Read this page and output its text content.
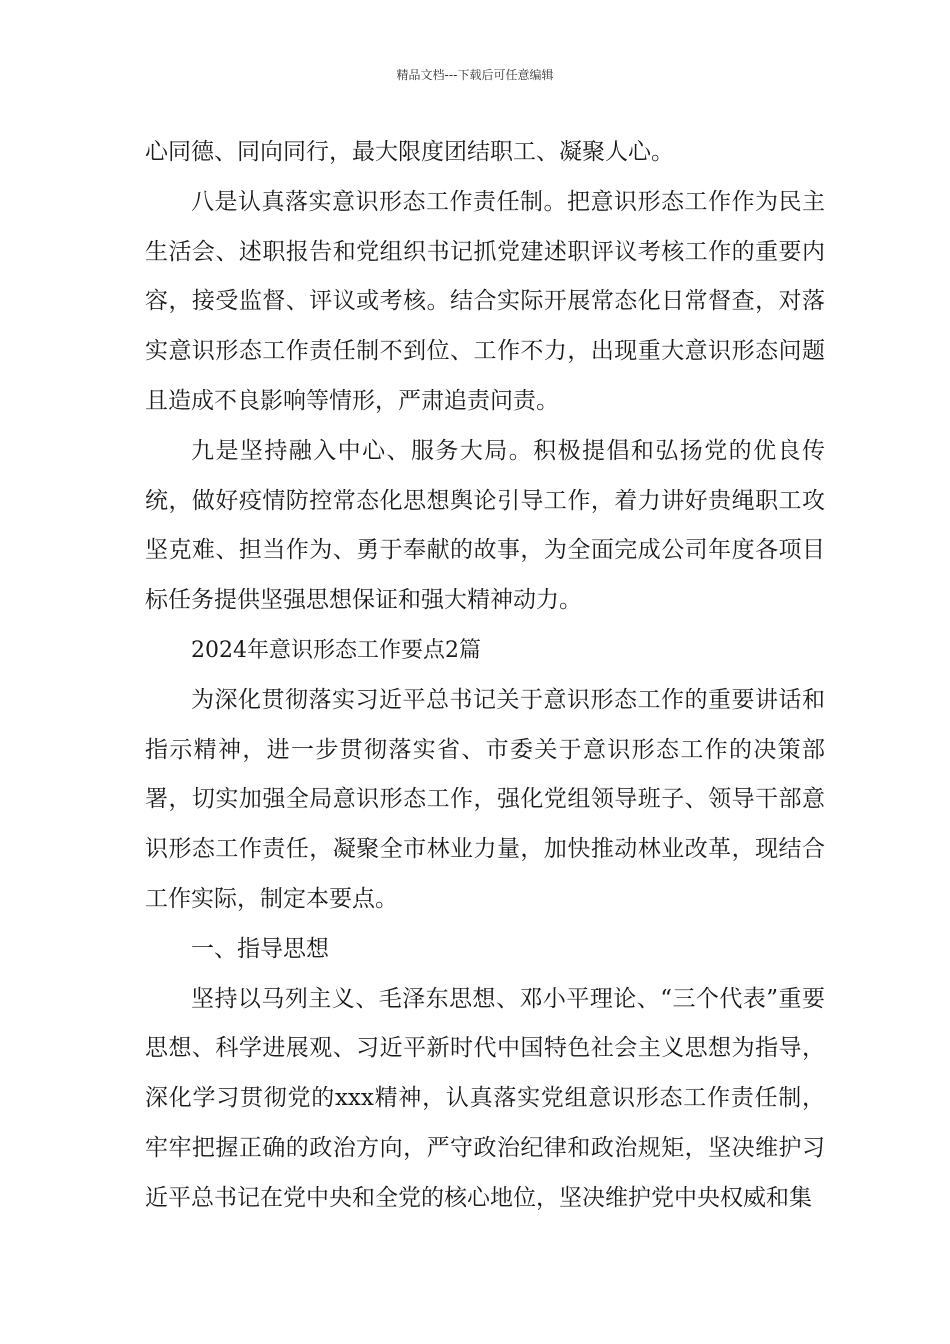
精品文档---下载后可任意编辑

心同德、同向同行，最大限度团结职工、凝聚人心。

八是认真落实意识形态工作责任制。把意识形态工作作为民主生活会、述职报告和党组织书记抓党建述职评议考核工作的重要内容，接受监督、评议或考核。结合实际开展常态化日常督查，对落实意识形态工作责任制不到位、工作不力，出现重大意识形态问题且造成不良影响等情形，严肃追责问责。

九是坚持融入中心、服务大局。积极提倡和弘扬党的优良传统，做好疫情防控常态化思想舆论引导工作，着力讲好贵绳职工攻坚克难、担当作为、勇于奉献的故事，为全面完成公司年度各项目标任务提供坚强思想保证和强大精神动力。

2024年意识形态工作要点2篇

为深化贯彻落实习近平总书记关于意识形态工作的重要讲话和指示精神，进一步贯彻落实省、市委关于意识形态工作的决策部署，切实加强全局意识形态工作，强化党组领导班子、领导干部意识形态工作责任，凝聚全市林业力量，加快推动林业改革，现结合工作实际，制定本要点。

一、指导思想

坚持以马列主义、毛泽东思想、邓小平理论、“三个代表”重要思想、科学进展观、习近平新时代中国特色社会主义思想为指导，深化学习贯彻党的xxx精神，认真落实党组意识形态工作责任制，牢牢把握正确的政治方向，严守政治纪律和政治规矩，坚决维护习近平总书记在党中央和全党的核心地位，坚决维护党中央权威和集
